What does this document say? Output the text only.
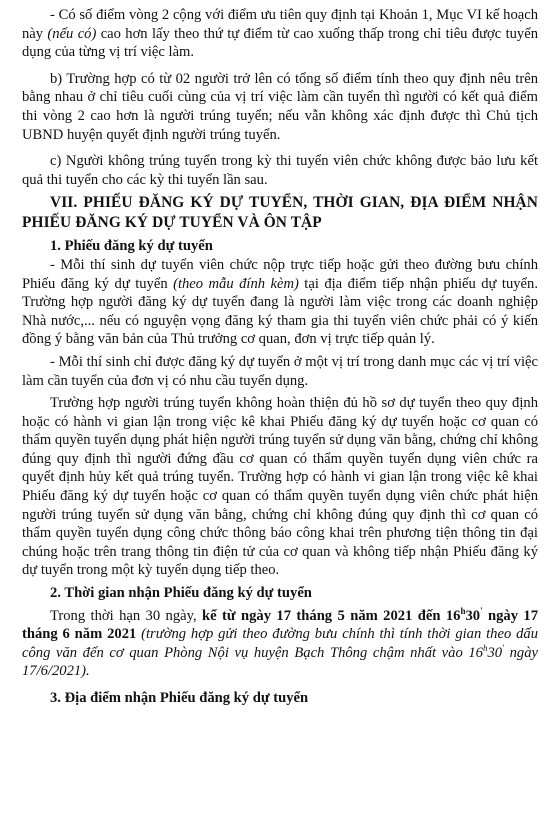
- Có số điểm vòng 2 cộng với điểm ưu tiên quy định tại Khoản 1, Mục VI kế hoạch này (nếu có) cao hơn lấy theo thứ tự điểm từ cao xuống thấp trong chỉ tiêu được tuyển dụng của từng vị trí việc làm.

b) Trường hợp có từ 02 người trở lên có tổng số điểm tính theo quy định nêu trên bằng nhau ở chỉ tiêu cuối cùng của vị trí việc làm cần tuyển thì người có kết quả điểm thi vòng 2 cao hơn là người trúng tuyển; nếu vẫn không xác định được thì Chủ tịch UBND huyện quyết định người trúng tuyển.

c) Người không trúng tuyển trong kỳ thi tuyển viên chức không được bảo lưu kết quả thi tuyển cho các kỳ thi tuyển lần sau.

VII. PHIẾU ĐĂNG KÝ DỰ TUYỂN, THỜI GIAN, ĐỊA ĐIỂM NHẬN PHIẾU ĐĂNG KÝ DỰ TUYỂN VÀ ÔN TẬP

1. Phiếu đăng ký dự tuyển

- Mỗi thí sinh dự tuyển viên chức nộp trực tiếp hoặc gửi theo đường bưu chính Phiếu đăng ký dự tuyển (theo mẫu đính kèm) tại địa điểm tiếp nhận phiếu dự tuyển. Trường hợp người đăng ký dự tuyển đang là người làm việc trong các doanh nghiệp Nhà nước,... nếu có nguyện vọng đăng ký tham gia thi tuyển viên chức phải có ý kiến đồng ý bằng văn bản của Thủ trưởng cơ quan, đơn vị trực tiếp quản lý.

- Mỗi thí sinh chỉ được đăng ký dự tuyển ở một vị trí trong danh mục các vị trí việc làm cần tuyển của đơn vị có nhu cầu tuyển dụng.

Trường hợp người trúng tuyển không hoàn thiện đủ hồ sơ dự tuyển theo quy định hoặc có hành vi gian lận trong việc kê khai Phiếu đăng ký dự tuyển hoặc cơ quan có thẩm quyền tuyển dụng phát hiện người trúng tuyển sử dụng văn bằng, chứng chỉ không đúng quy định thì người đứng đầu cơ quan có thẩm quyền tuyển dụng viên chức ra quyết định hủy kết quả trúng tuyển. Trường hợp có hành vi gian lận trong việc kê khai Phiếu đăng ký dự tuyển hoặc cơ quan có thẩm quyền tuyển dụng viên chức phát hiện người trúng tuyển sử dụng văn bằng, chứng chỉ không đúng quy định thì cơ quan có thẩm quyền tuyển dụng công chức thông báo công khai trên phương tiện thông tin đại chúng hoặc trên trang thông tin điện tử của cơ quan và không tiếp nhận Phiếu đăng ký dự tuyển trong một kỳ tuyển dụng tiếp theo.

2. Thời gian nhận Phiếu đăng ký dự tuyển

Trong thời hạn 30 ngày, kể từ ngày 17 tháng 5 năm 2021 đến 16$^h$30' ngày 17 tháng 6 năm 2021 (trường hợp gửi theo đường bưu chính thì tính thời gian theo dấu công văn đến cơ quan Phòng Nội vụ huyện Bạch Thông chậm nhất vào 16$^h$30' ngày 17/6/2021).

3. Địa điểm nhận Phiếu đăng ký dự tuyển
